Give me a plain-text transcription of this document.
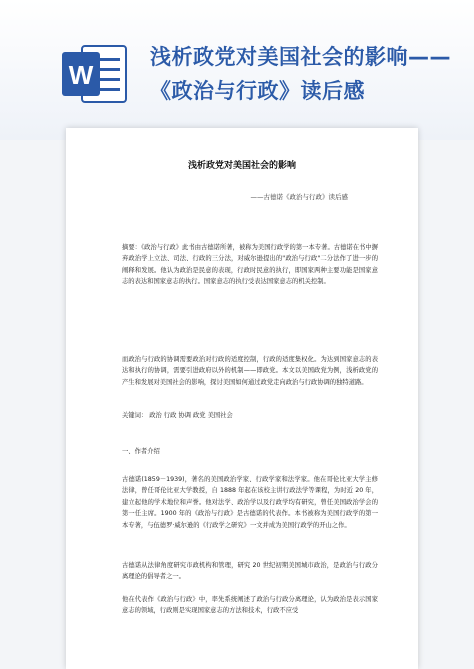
W
浅析政党对美国社会的影响——《政治与行政》读后感
浅析政党对美国社会的影响
——古德诺《政治与行政》读后感

摘要：《政治与行政》此书由古德诺所著，被称为美国行政学的第一本专著。古德诺在书中摒弃政治学上立法、司法、行政的三分法，对威尔逊提出的"政治与行政"二分法作了进一步的阐释和发展。他认为政治是民意的表现，行政时民意的执行，即国家两种主要功能是国家意志的表达和国家意志的执行。国家意志的执行受表达国家意志的机关控制。

而政治与行政的协调需要政治对行政的适度控制，行政的适度集权化。为达到国家意志的表达和执行的协调，需要引进政府以外的机制——即政党。本文以美国政党为例，浅析政党的产生和发展对美国社会的影响，探讨美国如何通过政党走向政治与行政协调的独特道路。

关键词： 政治 行政 协调 政党 美国社会

一、作者介绍

古德诺(1859－1939)，著名的美国政治学家、行政学家和法学家。他在哥伦比亚大学主修法律，曾任哥伦比亚大学教授，自 1888 年起在该校主讲行政法学等课程，为时近 20 年，建立起他的学术地位和声誉。他对法学、政治学以及行政学均有研究，曾任美国政治学会的第一任主席。1900 年的《政治与行政》是古德诺的代表作。本书被称为美国行政学的第一本专著，与伍德罗·威尔逊的《行政学之研究》一文并成为美国行政学的开山之作。

古德诺从法律角度研究市政机构和管理，研究 20 世纪初期美国城市政治，是政治与行政分离理论的倡导者之一。

他在代表作《政治与行政》中，率先系统阐述了政治与行政分离理论，认为政治是表示国家意志的领域，行政则是实现国家意志的方法和技术，行政不应受
